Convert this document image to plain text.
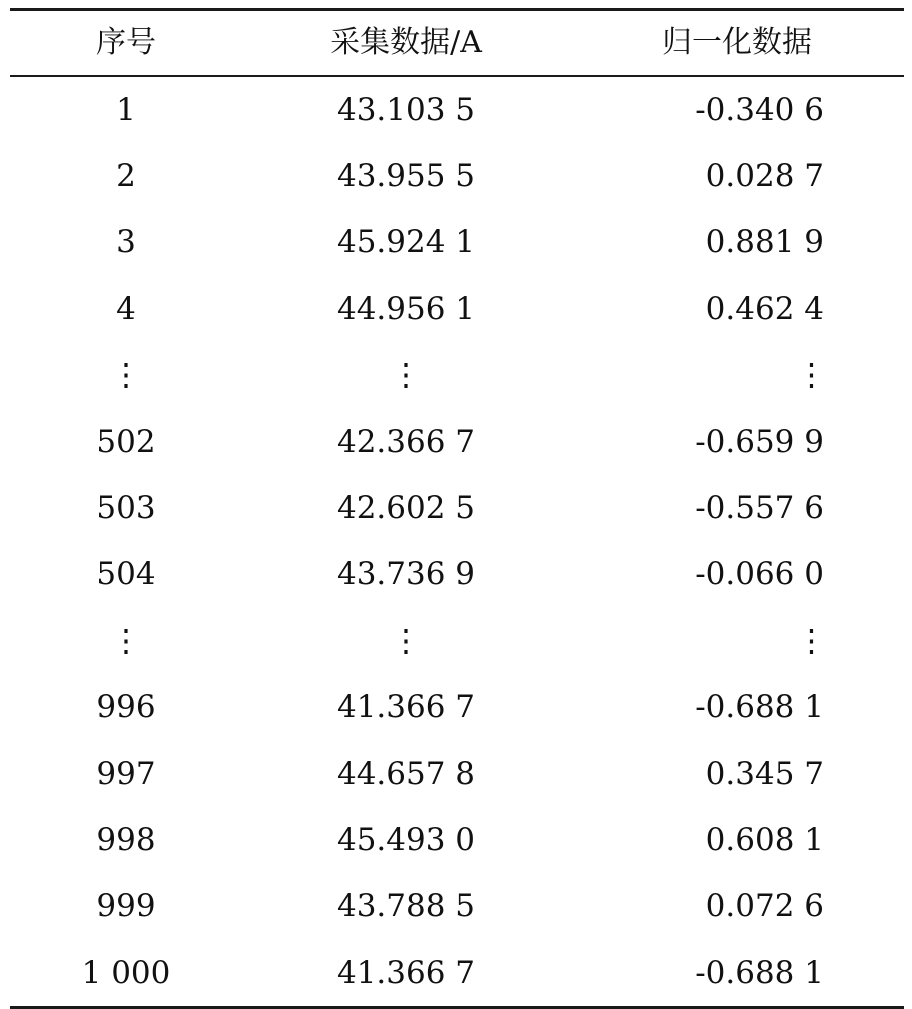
序号	采集数据/A	归一化数据
1	43.103 5	-0.340 6
2	43.955 5	0.028 7
3	45.924 1	0.881 9
4	44.956 1	0.462 4
⋮	⋮	⋮
502	42.366 7	-0.659 9
503	42.602 5	-0.557 6
504	43.736 9	-0.066 0
⋮	⋮	⋮
996	41.366 7	-0.688 1
997	44.657 8	0.345 7
998	45.493 0	0.608 1
999	43.788 5	0.072 6
1 000	41.366 7	-0.688 1
